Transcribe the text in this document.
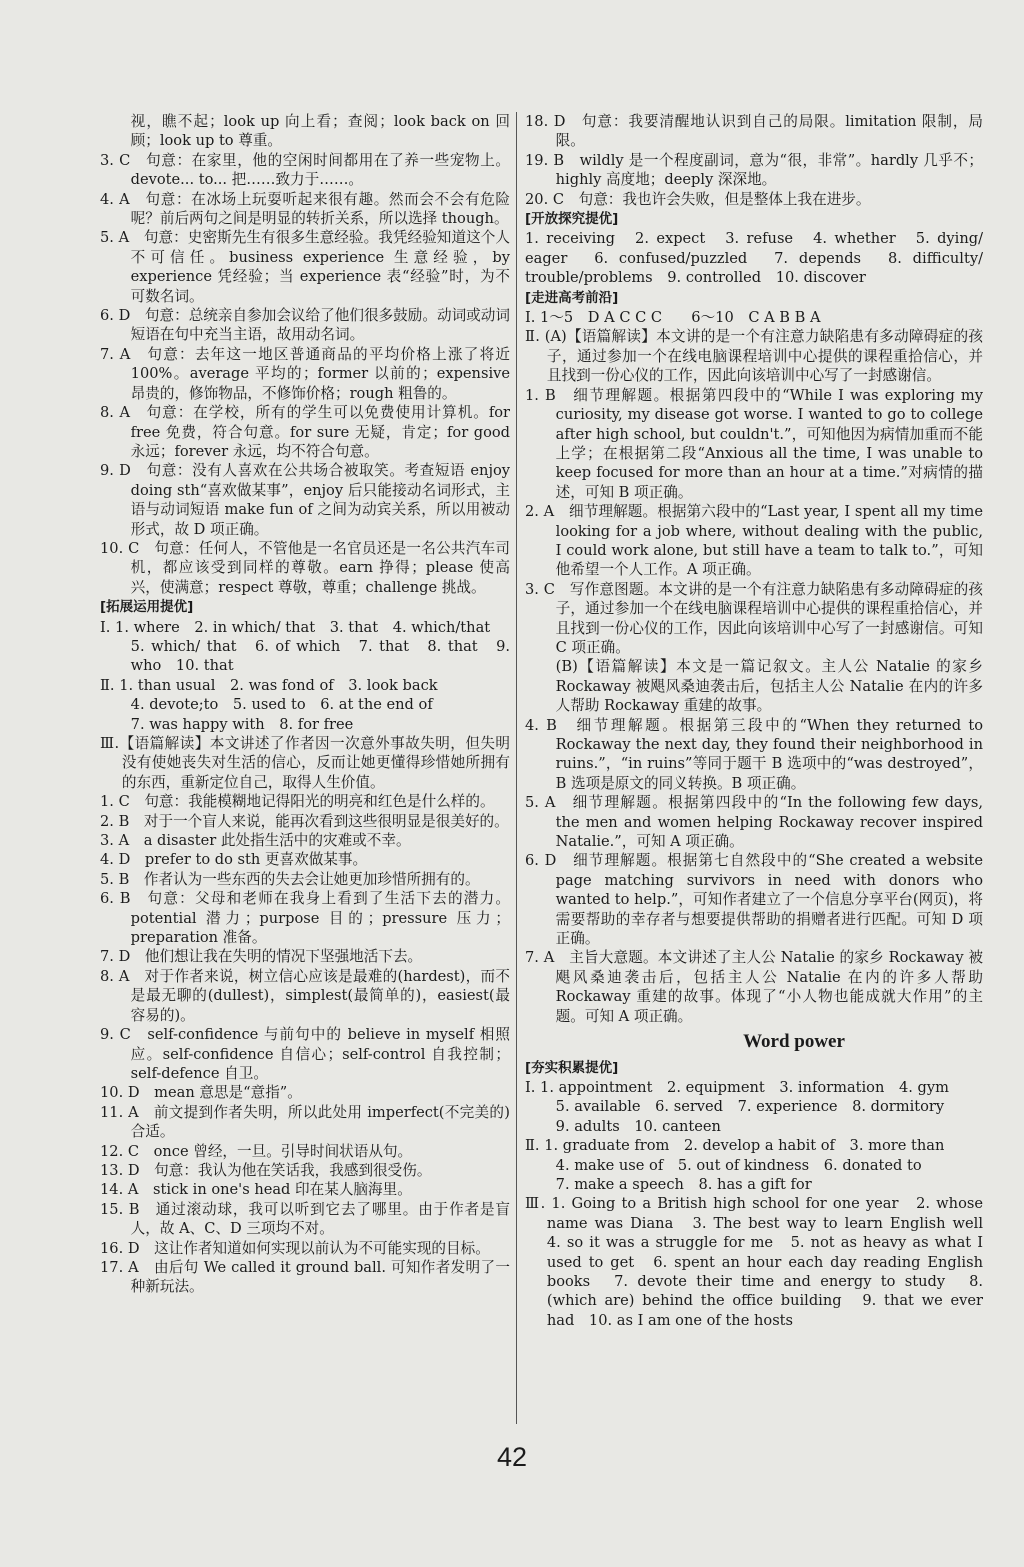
视，瞧不起；look up 向上看；查阅；look back on 回顾；look up to 尊重。

3. C　句意：在家里，他的空闲时间都用在了养一些宠物上。devote... to... 把……致力于……。

4. A　句意：在冰场上玩耍听起来很有趣。然而会不会有危险呢？前后两句之间是明显的转折关系，所以选择 though。

5. A　句意：史密斯先生有很多生意经验。我凭经验知道这个人不可信任。business experience 生意经验，by experience 凭经验；当 experience 表“经验”时，为不可数名词。

6. D　句意：总统亲自参加会议给了他们很多鼓励。动词或动词短语在句中充当主语，故用动名词。

7. A　句意：去年这一地区普通商品的平均价格上涨了将近 100%。average 平均的；former 以前的；expensive 昂贵的，修饰物品，不修饰价格；rough 粗鲁的。

8. A　句意：在学校，所有的学生可以免费使用计算机。for free 免费，符合句意。for sure 无疑，肯定；for good 永远；forever 永远，均不符合句意。

9. D　句意：没有人喜欢在公共场合被取笑。考查短语 enjoy doing sth“喜欢做某事”，enjoy 后只能接动名词形式，主语与动词短语 make fun of 之间为动宾关系，所以用被动形式，故 D 项正确。

10. C　句意：任何人，不管他是一名官员还是一名公共汽车司机，都应该受到同样的尊敬。earn 挣得；please 使高兴，使满意；respect 尊敬，尊重；challenge 挑战。

[拓展运用提优]

Ⅰ. 1. where　2. in which/ that　3. that　4. which/that

5. which/ that　6. of which　7. that　8. that　9. who　10. that

Ⅱ. 1. than usual　2. was fond of　3. look back

4. devote;to　5. used to　6. at the end of

7. was happy with　8. for free

Ⅲ.【语篇解读】本文讲述了作者因一次意外事故失明，但失明没有使她丧失对生活的信心，反而让她更懂得珍惜她所拥有的东西，重新定位自己，取得人生价值。

1. C　句意：我能模糊地记得阳光的明亮和红色是什么样的。

2. B　对于一个盲人来说，能再次看到这些很明显是很美好的。

3. A　a disaster 此处指生活中的灾难或不幸。

4. D　prefer to do sth 更喜欢做某事。

5. B　作者认为一些东西的失去会让她更加珍惜所拥有的。

6. B　句意：父母和老师在我身上看到了生活下去的潜力。potential 潜力；purpose 目的；pressure 压力；preparation 准备。

7. D　他们想让我在失明的情况下坚强地活下去。

8. A　对于作者来说，树立信心应该是最难的(hardest)，而不是最无聊的(dullest)，simplest(最简单的)，easiest(最容易的)。

9. C　self-confidence 与前句中的 believe in myself 相照应。self-confidence 自信心；self-control 自我控制；self-defence 自卫。

10. D　mean 意思是“意指”。

11. A　前文提到作者失明，所以此处用 imperfect(不完美的)合适。

12. C　once 曾经，一旦。引导时间状语从句。

13. D　句意：我认为他在笑话我，我感到很受伤。

14. A　stick in one's head 印在某人脑海里。

15. B　通过滚动球，我可以听到它去了哪里。由于作者是盲人，故 A、C、D 三项均不对。

16. D　这让作者知道如何实现以前认为不可能实现的目标。

17. A　由后句 We called it ground ball. 可知作者发明了一种新玩法。

18. D　句意：我要清醒地认识到自己的局限。limitation 限制，局限。

19. B　wildly 是一个程度副词，意为“很，非常”。hardly 几乎不；highly 高度地；deeply 深深地。

20. C　句意：我也许会失败，但是整体上我在进步。

[开放探究提优]

1. receiving　2. expect　3. refuse　4. whether　5. dying/ eager　6. confused/puzzled　7. depends　8. difficulty/ trouble/problems　9. controlled　10. discover

[走进高考前沿]

Ⅰ. 1～5　D A C C C　　6～10　C A B B A

Ⅱ. (A)【语篇解读】本文讲的是一个有注意力缺陷患有多动障碍症的孩子，通过参加一个在线电脑课程培训中心提供的课程重拾信心，并且找到一份心仪的工作，因此向该培训中心写了一封感谢信。

1. B　细节理解题。根据第四段中的“While I was exploring my curiosity, my disease got worse. I wanted to go to college after high school, but couldn't.”，可知他因为病情加重而不能上学；在根据第二段“Anxious all the time, I was unable to keep focused for more than an hour at a time.”对病情的描述，可知 B 项正确。

2. A　细节理解题。根据第六段中的“Last year, I spent all my time looking for a job where, without dealing with the public, I could work alone, but still have a team to talk to.”，可知他希望一个人工作。A 项正确。

3. C　写作意图题。本文讲的是一个有注意力缺陷患有多动障碍症的孩子，通过参加一个在线电脑课程培训中心提供的课程重拾信心，并且找到一份心仪的工作，因此向该培训中心写了一封感谢信。可知 C 项正确。

(B)【语篇解读】本文是一篇记叙文。主人公 Natalie 的家乡 Rockaway 被飓风桑迪袭击后，包括主人公 Natalie 在内的许多人帮助 Rockaway 重建的故事。

4. B　细节理解题。根据第三段中的“When they returned to Rockaway the next day, they found their neighborhood in ruins.”，“in ruins”等同于题干 B 选项中的“was destroyed”，B 选项是原文的同义转换。B 项正确。

5. A　细节理解题。根据第四段中的“In the following few days, the men and women helping Rockaway recover inspired Natalie.”，可知 A 项正确。

6. D　细节理解题。根据第七自然段中的“She created a website page matching survivors in need with donors who wanted to help.”，可知作者建立了一个信息分享平台(网页)，将需要帮助的幸存者与想要提供帮助的捐赠者进行匹配。可知 D 项正确。

7. A　主旨大意题。本文讲述了主人公 Natalie 的家乡 Rockaway 被飓风桑迪袭击后，包括主人公 Natalie 在内的许多人帮助 Rockaway 重建的故事。体现了“小人物也能成就大作用”的主题。可知 A 项正确。

Word power
[夯实积累提优]

Ⅰ. 1. appointment　2. equipment　3. information　4. gym

5. available　6. served　7. experience　8. dormitory

9. adults　10. canteen

Ⅱ. 1. graduate from　2. develop a habit of　3. more than

4. make use of　5. out of kindness　6. donated to

7. make a speech　8. has a gift for

Ⅲ. 1. Going to a British high school for one year　2. whose name was Diana　3. The best way to learn English well　4. so it was a struggle for me　5. not as heavy as what I used to get　6. spent an hour each day reading English books　7. devote their time and energy to study　8. (which are) behind the office building　9. that we ever had　10. as I am one of the hosts

42
